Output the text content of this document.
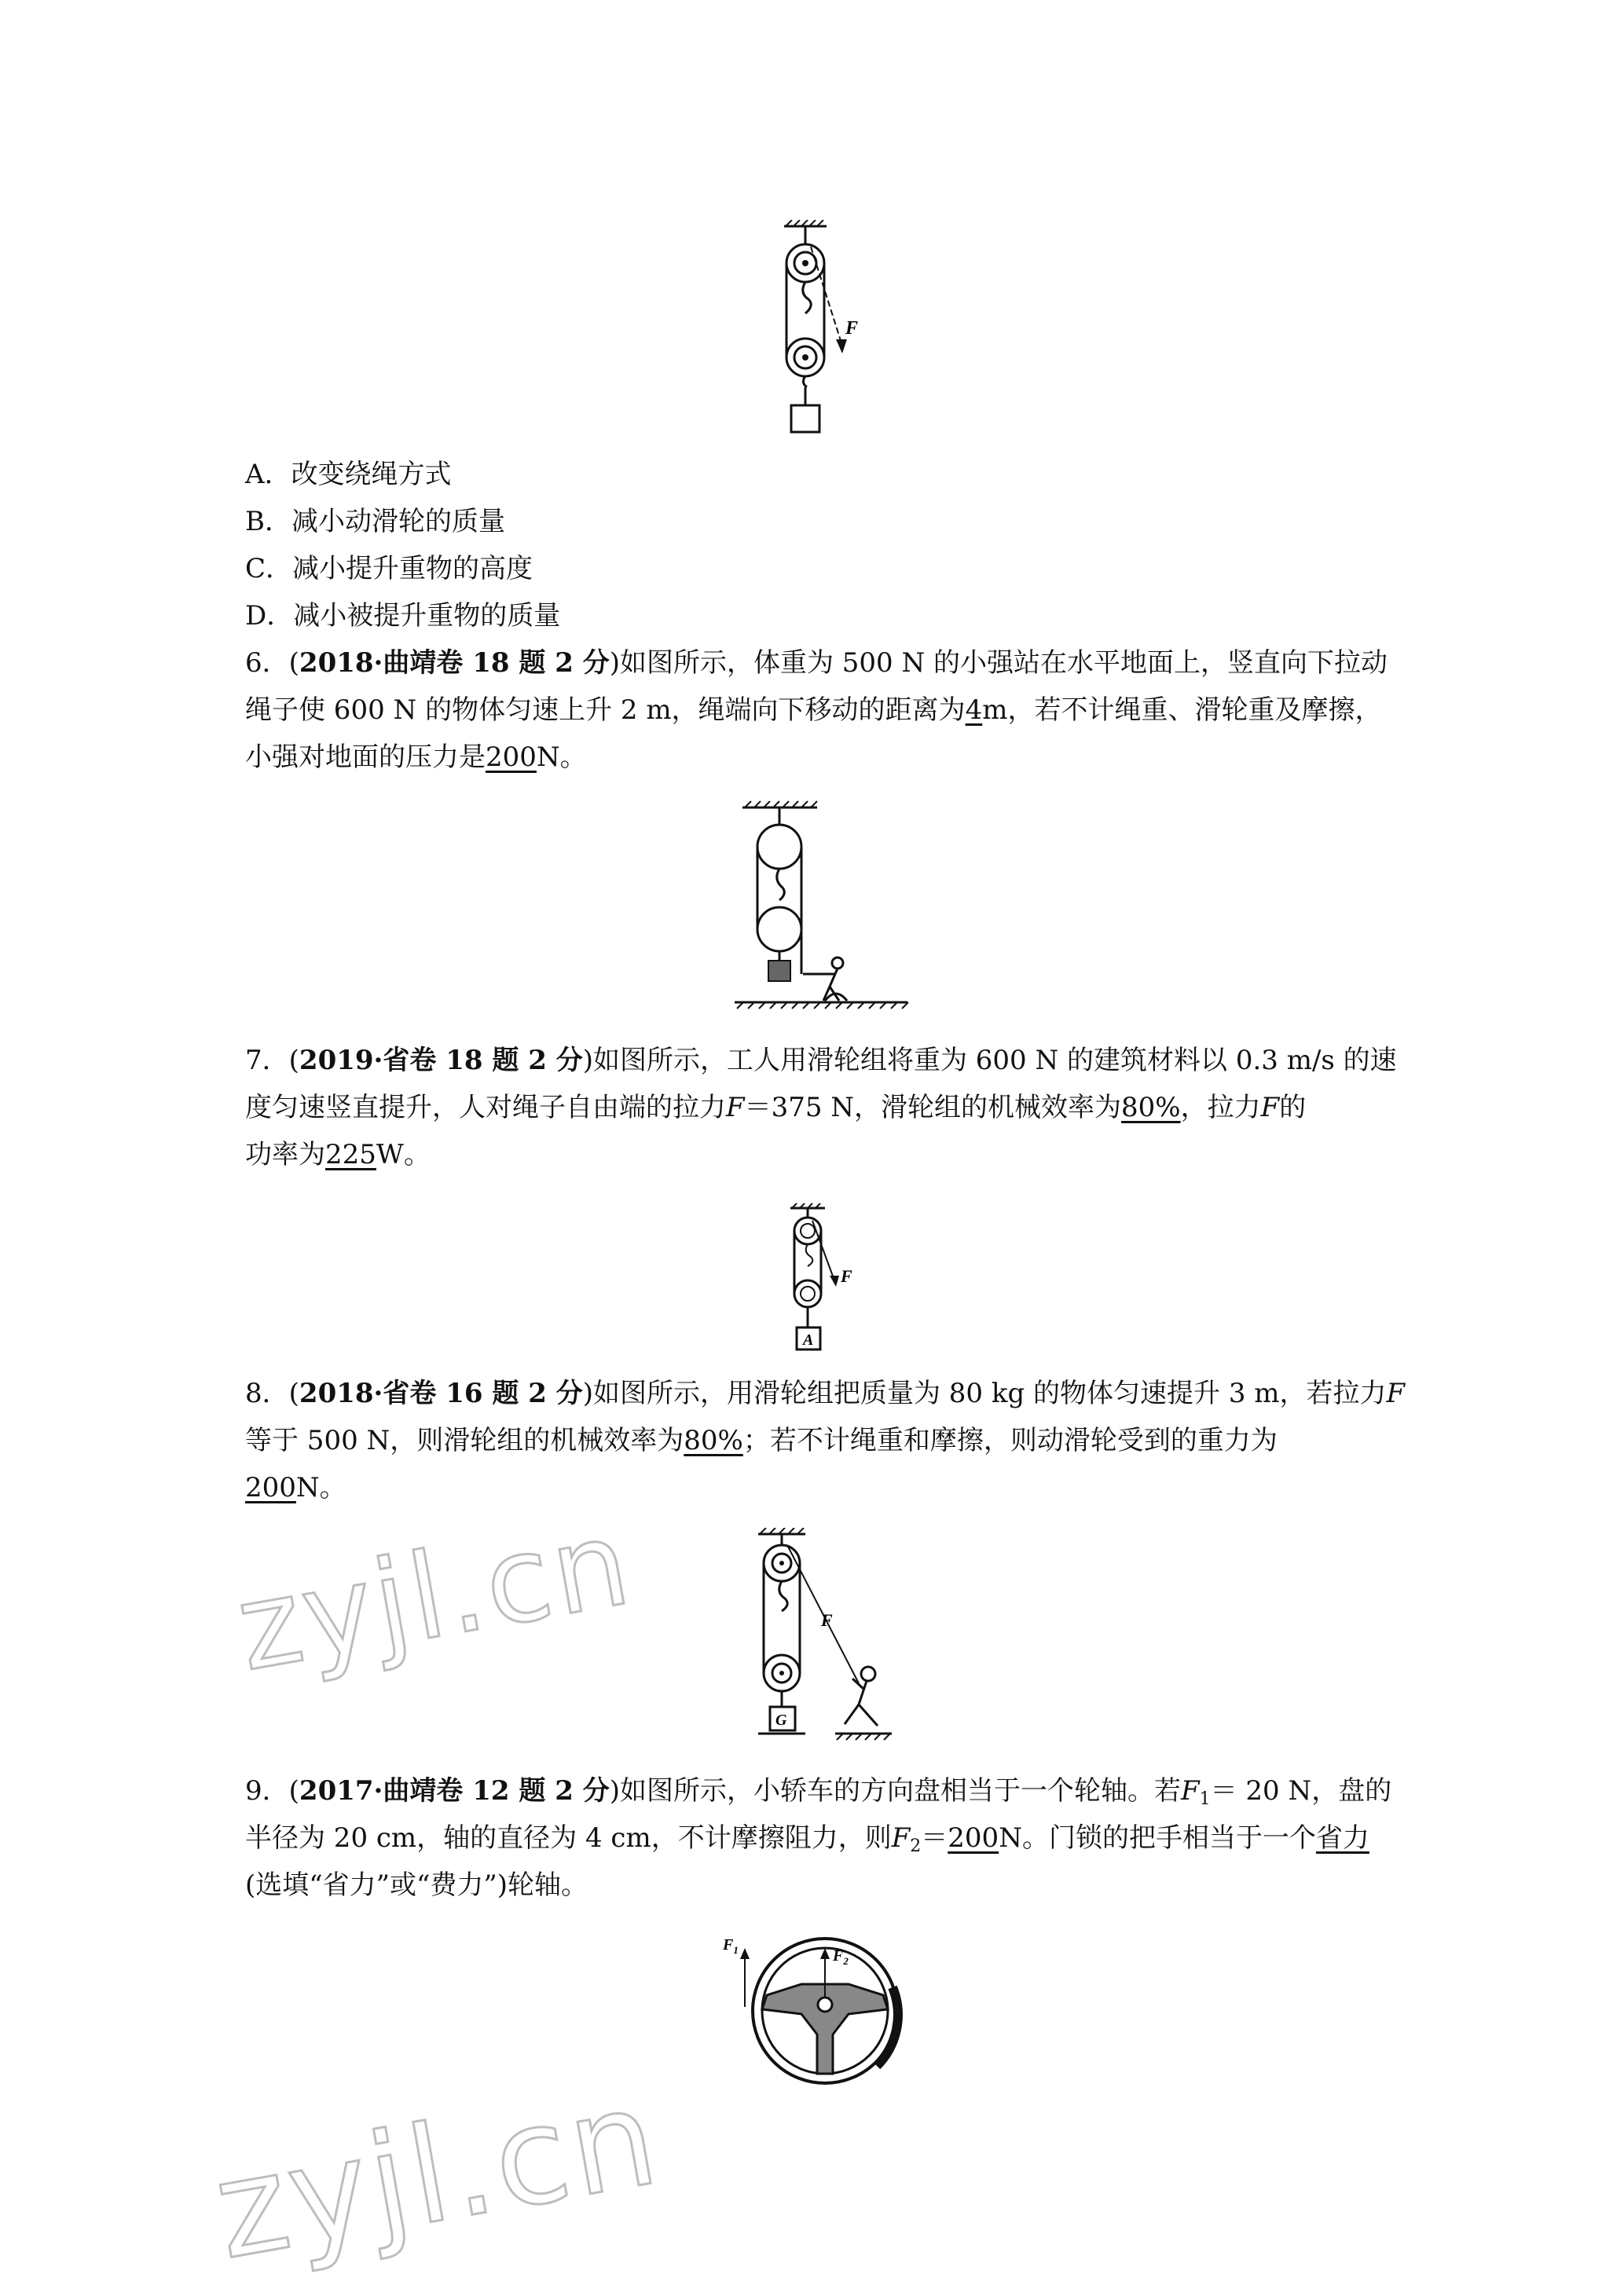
F
A．改变绕绳方式
B．减小动滑轮的质量
C．减小提升重物的高度
D．减小被提升重物的质量
6．(2018·曲靖卷 18 题 2 分)如图所示，体重为 500 N 的小强站在水平地面上，竖直向下拉动
绳子使 600 N 的物体匀速上升 2 m，绳端向下移动的距离为4m，若不计绳重、滑轮重及摩擦，
小强对地面的压力是200N。
7．(2019·省卷 18 题 2 分)如图所示，工人用滑轮组将重为 600 N 的建筑材料以 0.3 m/s 的速
度匀速竖直提升，人对绳子自由端的拉力F＝375 N，滑轮组的机械效率为80%，拉力F的
功率为225W。
F
A
8．(2018·省卷 16 题 2 分)如图所示，用滑轮组把质量为 80 kg 的物体匀速提升 3 m，若拉力F
等于 500 N，则滑轮组的机械效率为80%；若不计绳重和摩擦，则动滑轮受到的重力为
200N。
zyjl.cn	F
G
9．(2017·曲靖卷 12 题 2 分)如图所示，小轿车的方向盘相当于一个轮轴。若$F_1= 20$ N，盘的
半径为 20 cm，轴的直径为 4 cm，不计摩擦阻力，则$F_2=200N$。门锁的把手相当于一个省力
(选填“省力”或“费力”)轮轴。
$F_1$	$F_2$
zyjl.cn
